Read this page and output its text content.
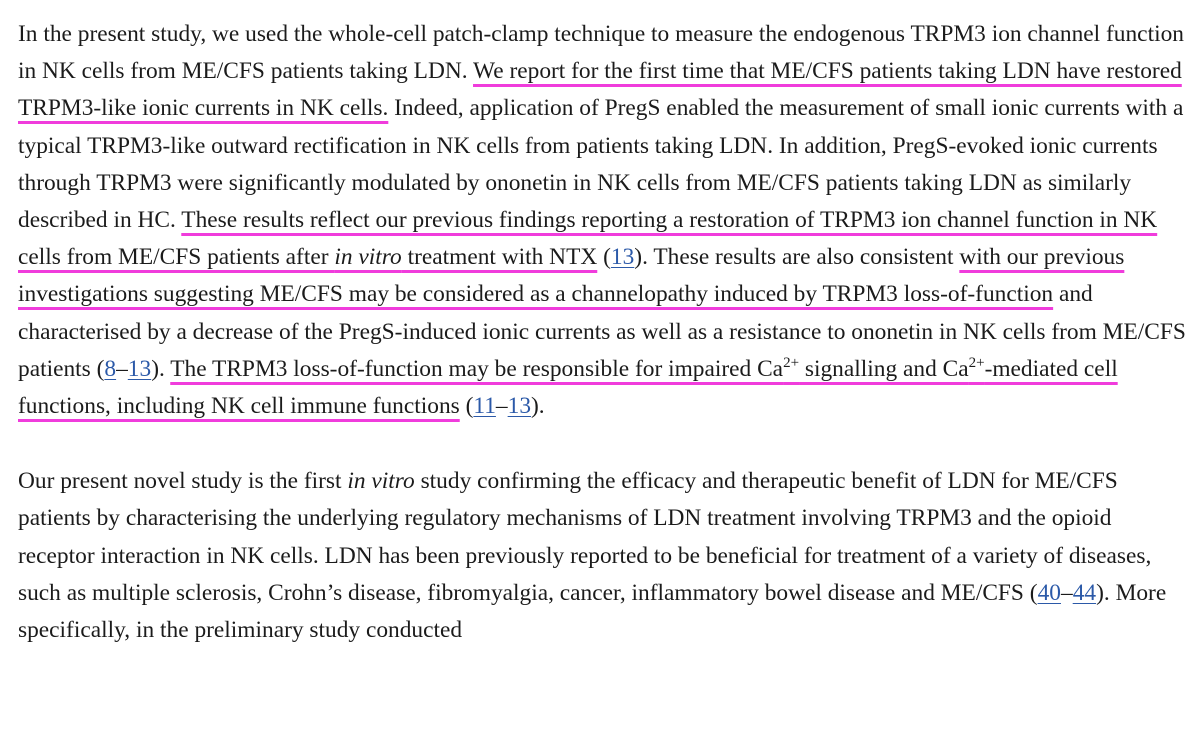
In the present study, we used the whole-cell patch-clamp technique to measure the endogenous TRPM3 ion channel function in NK cells from ME/CFS patients taking LDN. We report for the first time that ME/CFS patients taking LDN have restored TRPM3-like ionic currents in NK cells. Indeed, application of PregS enabled the measurement of small ionic currents with a typical TRPM3-like outward rectification in NK cells from patients taking LDN. In addition, PregS-evoked ionic currents through TRPM3 were significantly modulated by ononetin in NK cells from ME/CFS patients taking LDN as similarly described in HC. These results reflect our previous findings reporting a restoration of TRPM3 ion channel function in NK cells from ME/CFS patients after in vitro treatment with NTX (13). These results are also consistent with our previous investigations suggesting ME/CFS may be considered as a channelopathy induced by TRPM3 loss-of-function and characterised by a decrease of the PregS-induced ionic currents as well as a resistance to ononetin in NK cells from ME/CFS patients (8–13). The TRPM3 loss-of-function may be responsible for impaired $Ca^{2+}$ signalling and $Ca^{2+}$-mediated cell functions, including NK cell immune functions (11–13).

Our present novel study is the first in vitro study confirming the efficacy and therapeutic benefit of LDN for ME/CFS patients by characterising the underlying regulatory mechanisms of LDN treatment involving TRPM3 and the opioid receptor interaction in NK cells. LDN has been previously reported to be beneficial for treatment of a variety of diseases, such as multiple sclerosis, Crohn’s disease, fibromyalgia, cancer, inflammatory bowel disease and ME/CFS (40–44). More specifically, in the preliminary study conducted
